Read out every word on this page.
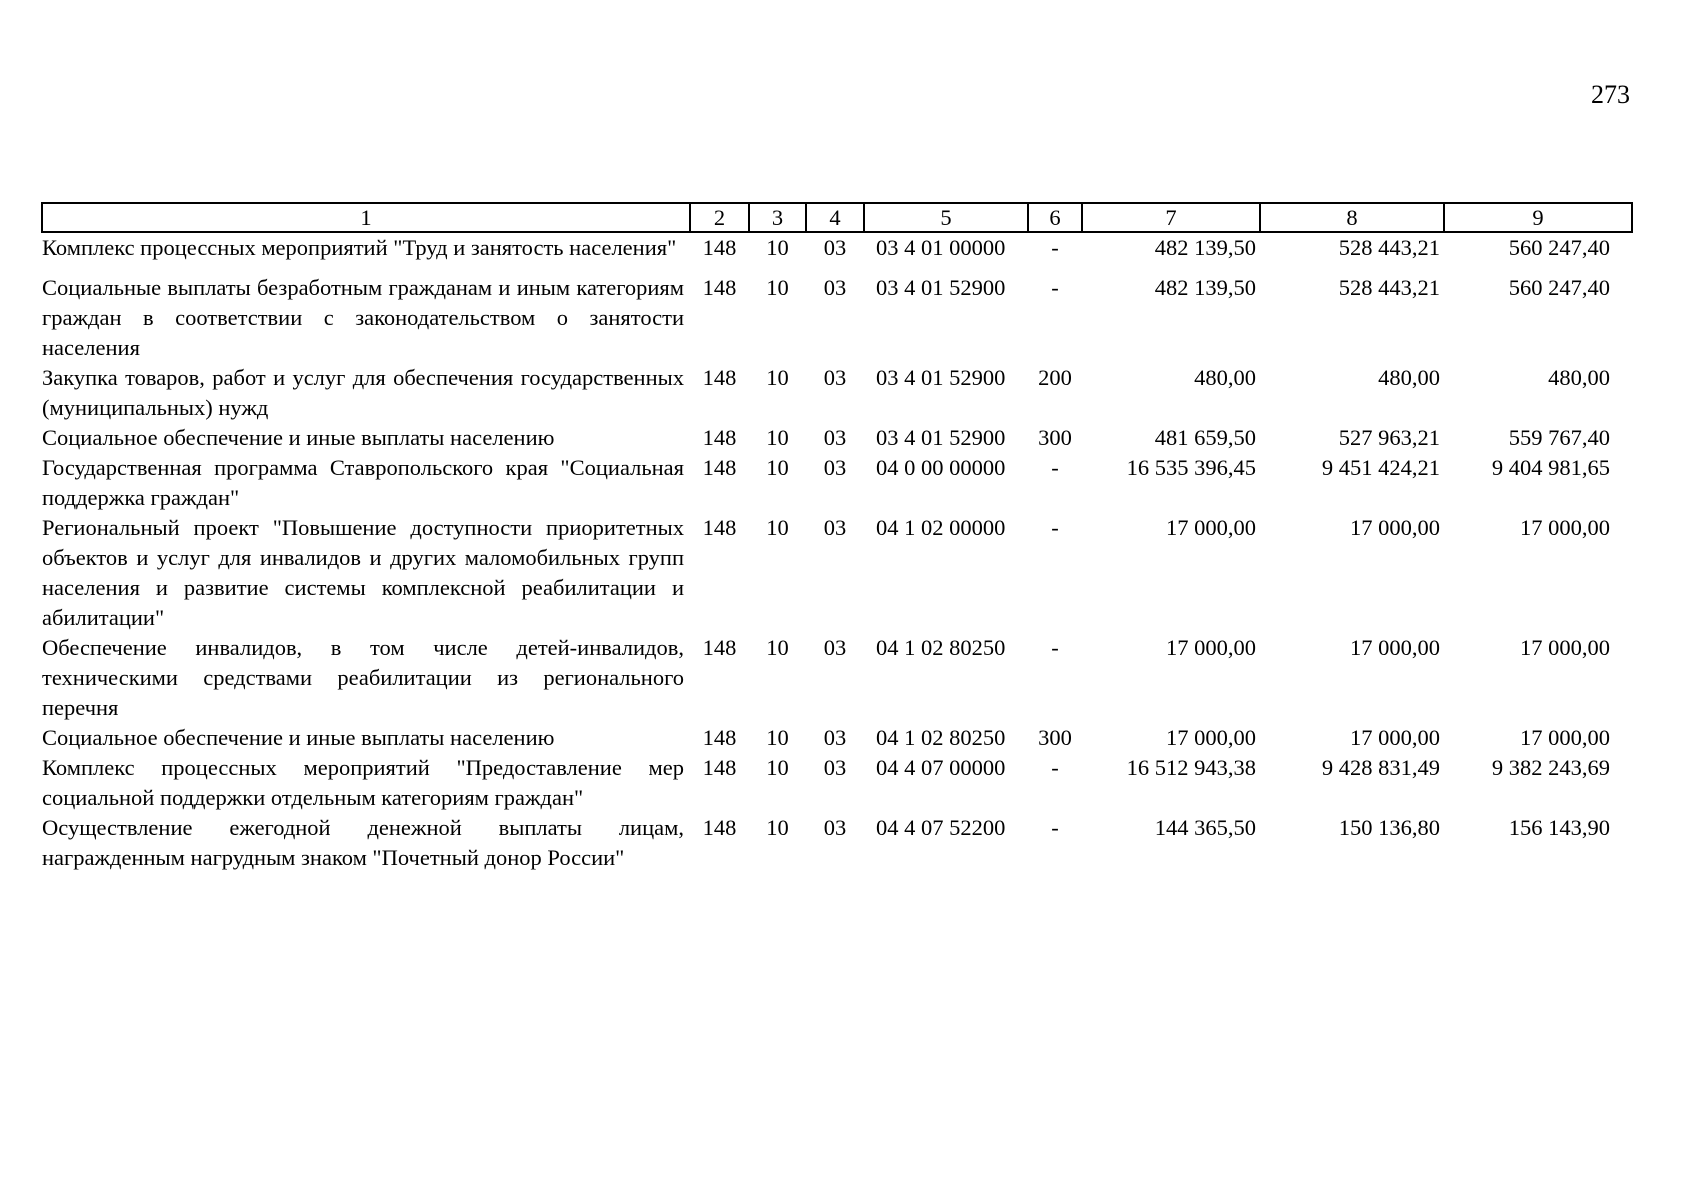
273
1	2	3	4	5	6	7	8	9
Комплекс процессных мероприятий "Труд и занятость населения"	148	10	03	03 4 01 00000	-	482 139,50	528 443,21	560 247,40
Социальные выплаты безработным гражданам и иным категориям граждан в соответствии с законодательством о занятости населения	148	10	03	03 4 01 52900	-	482 139,50	528 443,21	560 247,40
Закупка товаров, работ и услуг для обеспечения государственных (муниципальных) нужд	148	10	03	03 4 01 52900	200	480,00	480,00	480,00
Социальное обеспечение и иные выплаты населению	148	10	03	03 4 01 52900	300	481 659,50	527 963,21	559 767,40
Государственная программа Ставропольского края "Социальная поддержка граждан"	148	10	03	04 0 00 00000	-	16 535 396,45	9 451 424,21	9 404 981,65
Региональный проект "Повышение доступности приоритетных объектов и услуг для инвалидов и других маломобильных групп населения и развитие системы комплексной реабилитации и абилитации"	148	10	03	04 1 02 00000	-	17 000,00	17 000,00	17 000,00
Обеспечение инвалидов, в том числе детей-инвалидов, техническими средствами реабилитации из регионального перечня	148	10	03	04 1 02 80250	-	17 000,00	17 000,00	17 000,00
Социальное обеспечение и иные выплаты населению	148	10	03	04 1 02 80250	300	17 000,00	17 000,00	17 000,00
Комплекс процессных мероприятий "Предоставление мер социальной поддержки отдельным категориям граждан"	148	10	03	04 4 07 00000	-	16 512 943,38	9 428 831,49	9 382 243,69
Осуществление ежегодной денежной выплаты лицам, награжденным нагрудным знаком "Почетный донор России"	148	10	03	04 4 07 52200	-	144 365,50	150 136,80	156 143,90
